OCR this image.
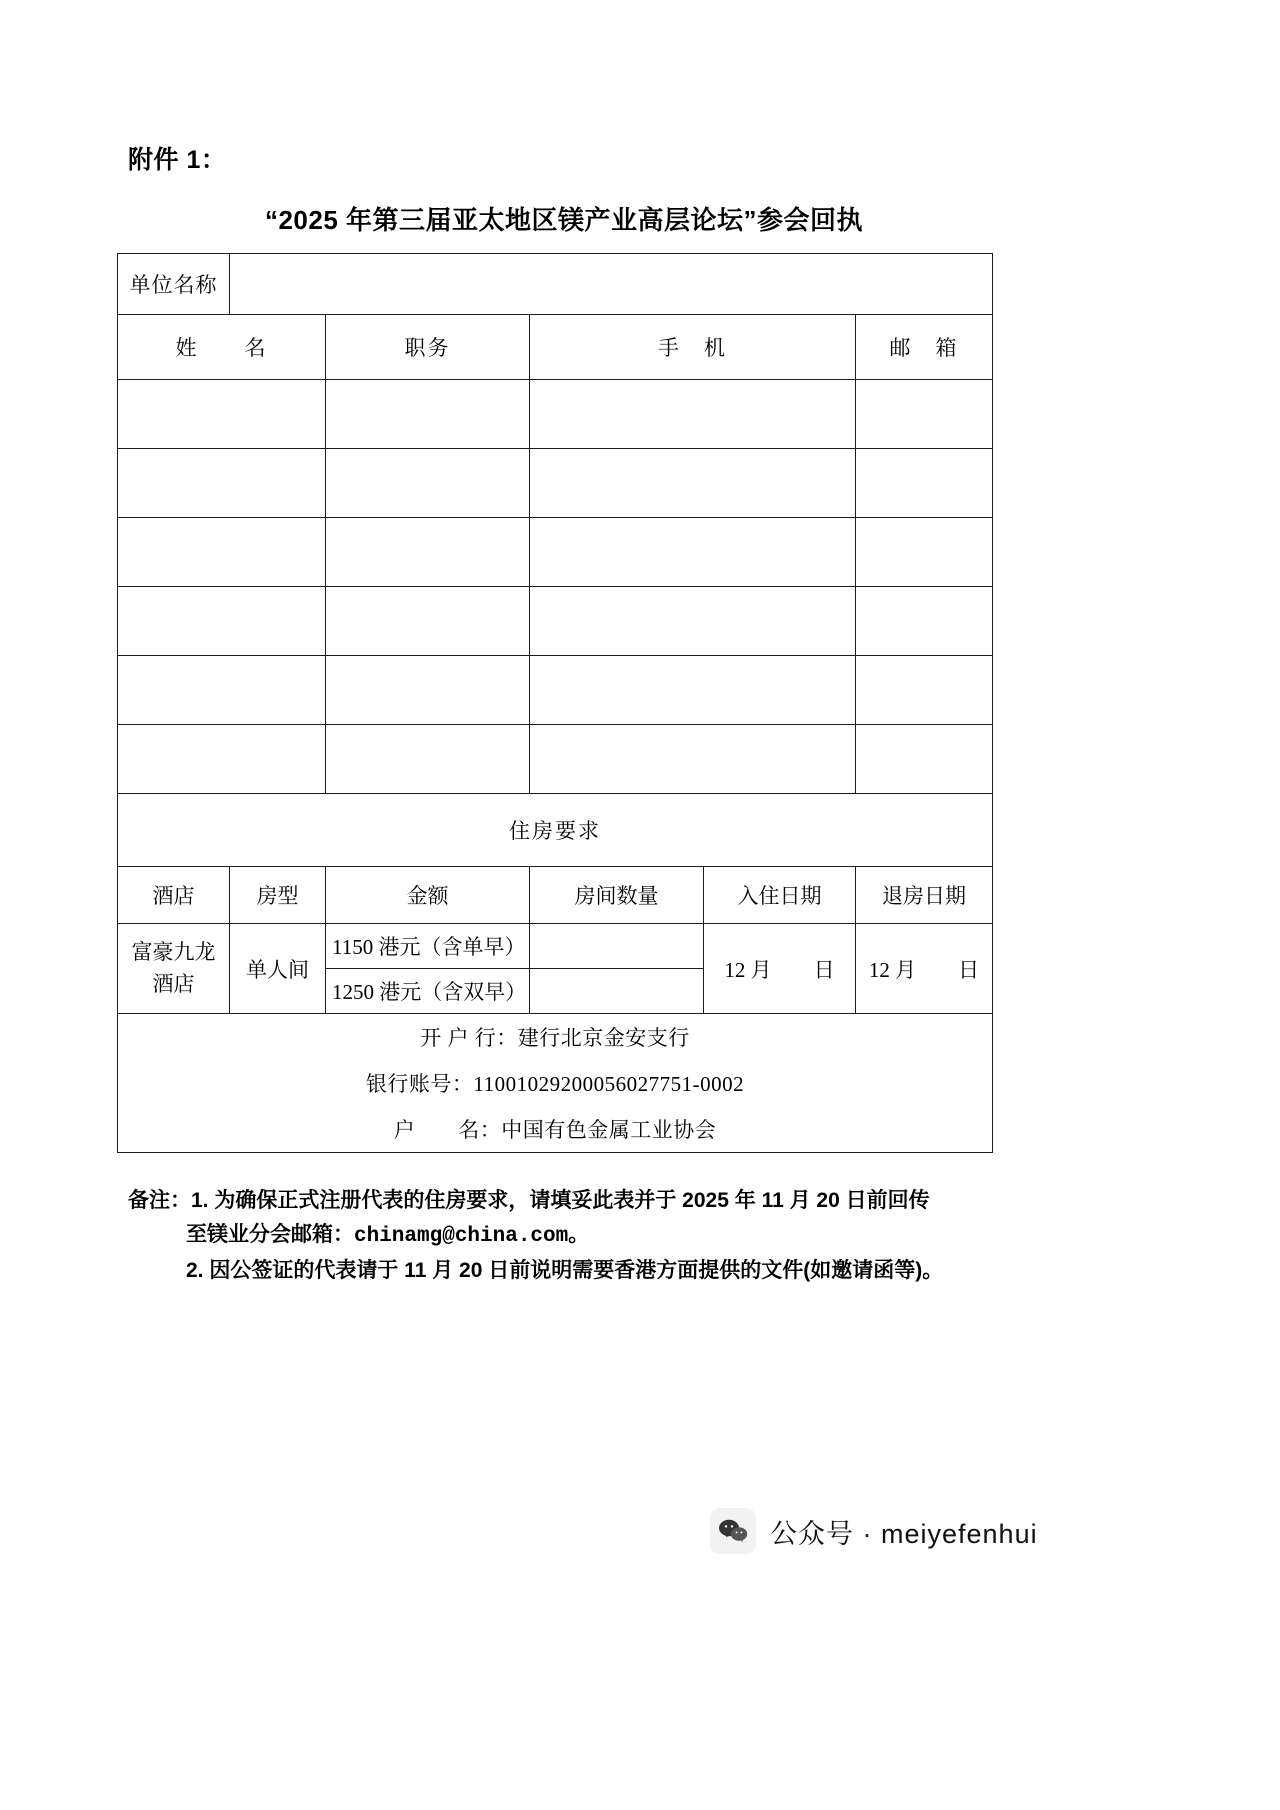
附件 1：
“2025 年第三届亚太地区镁产业高层论坛”参会回执
单位名称					
姓　　名		职务	手　机		邮　箱

住房要求					
酒店	房型	金额	房间数量	入住日期	退房日期
富豪九龙酒店	单人间	1150 港元（含单早）		12 月　　日	12 月　　日
		1250 港元（含双早）			
开 户 行：建行北京金安支行					
银行账号：11001029200056027751-0002					
户　　名：中国有色金属工业协会					
备注：1. 为确保正式注册代表的住房要求，请填妥此表并于 2025 年 11 月 20 日前回传
至镁业分会邮箱：chinamg@china.com。
2. 因公签证的代表请于 11 月 20 日前说明需要香港方面提供的文件(如邀请函等)。
公众号 · meiyefenhui
